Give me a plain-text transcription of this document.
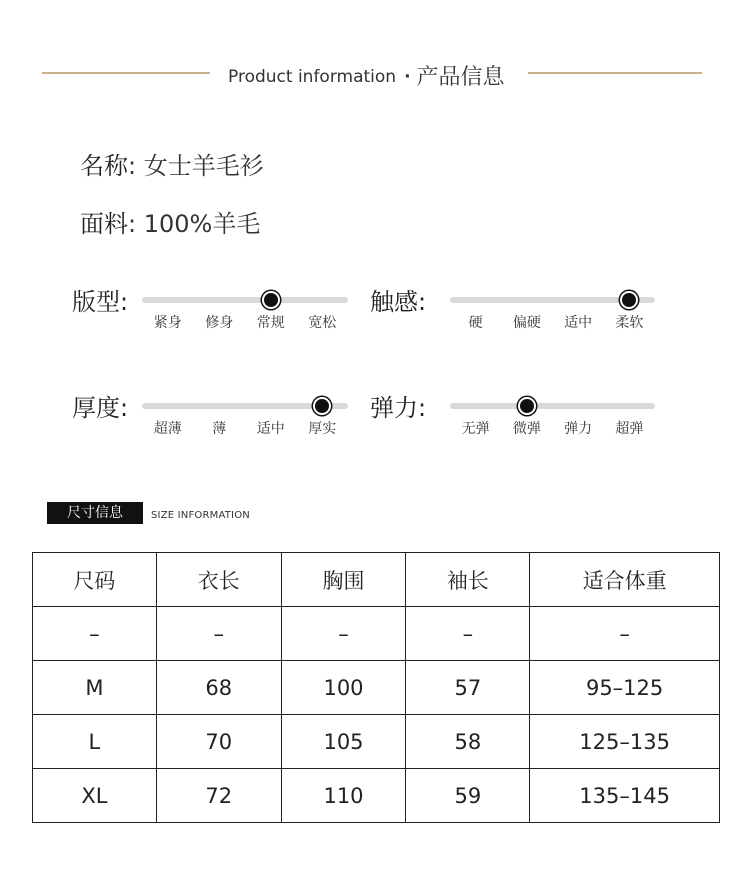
Product information · 产品信息
名称: 女士羊毛衫
面料: 100%羊毛
版型:
紧身 修身 常规 宽松
触感:
硬 偏硬 适中 柔软
厚度:
超薄 薄 适中 厚实
弹力:
无弹 微弹 弹力 超弹
尺寸信息	SIZE INFORMATION
尺码	衣长	胸围	袖长	适合体重
–	–	–	–	–
M	68	100	57	95–125
L	70	105	58	125–135
XL	72	110	59	135–145
